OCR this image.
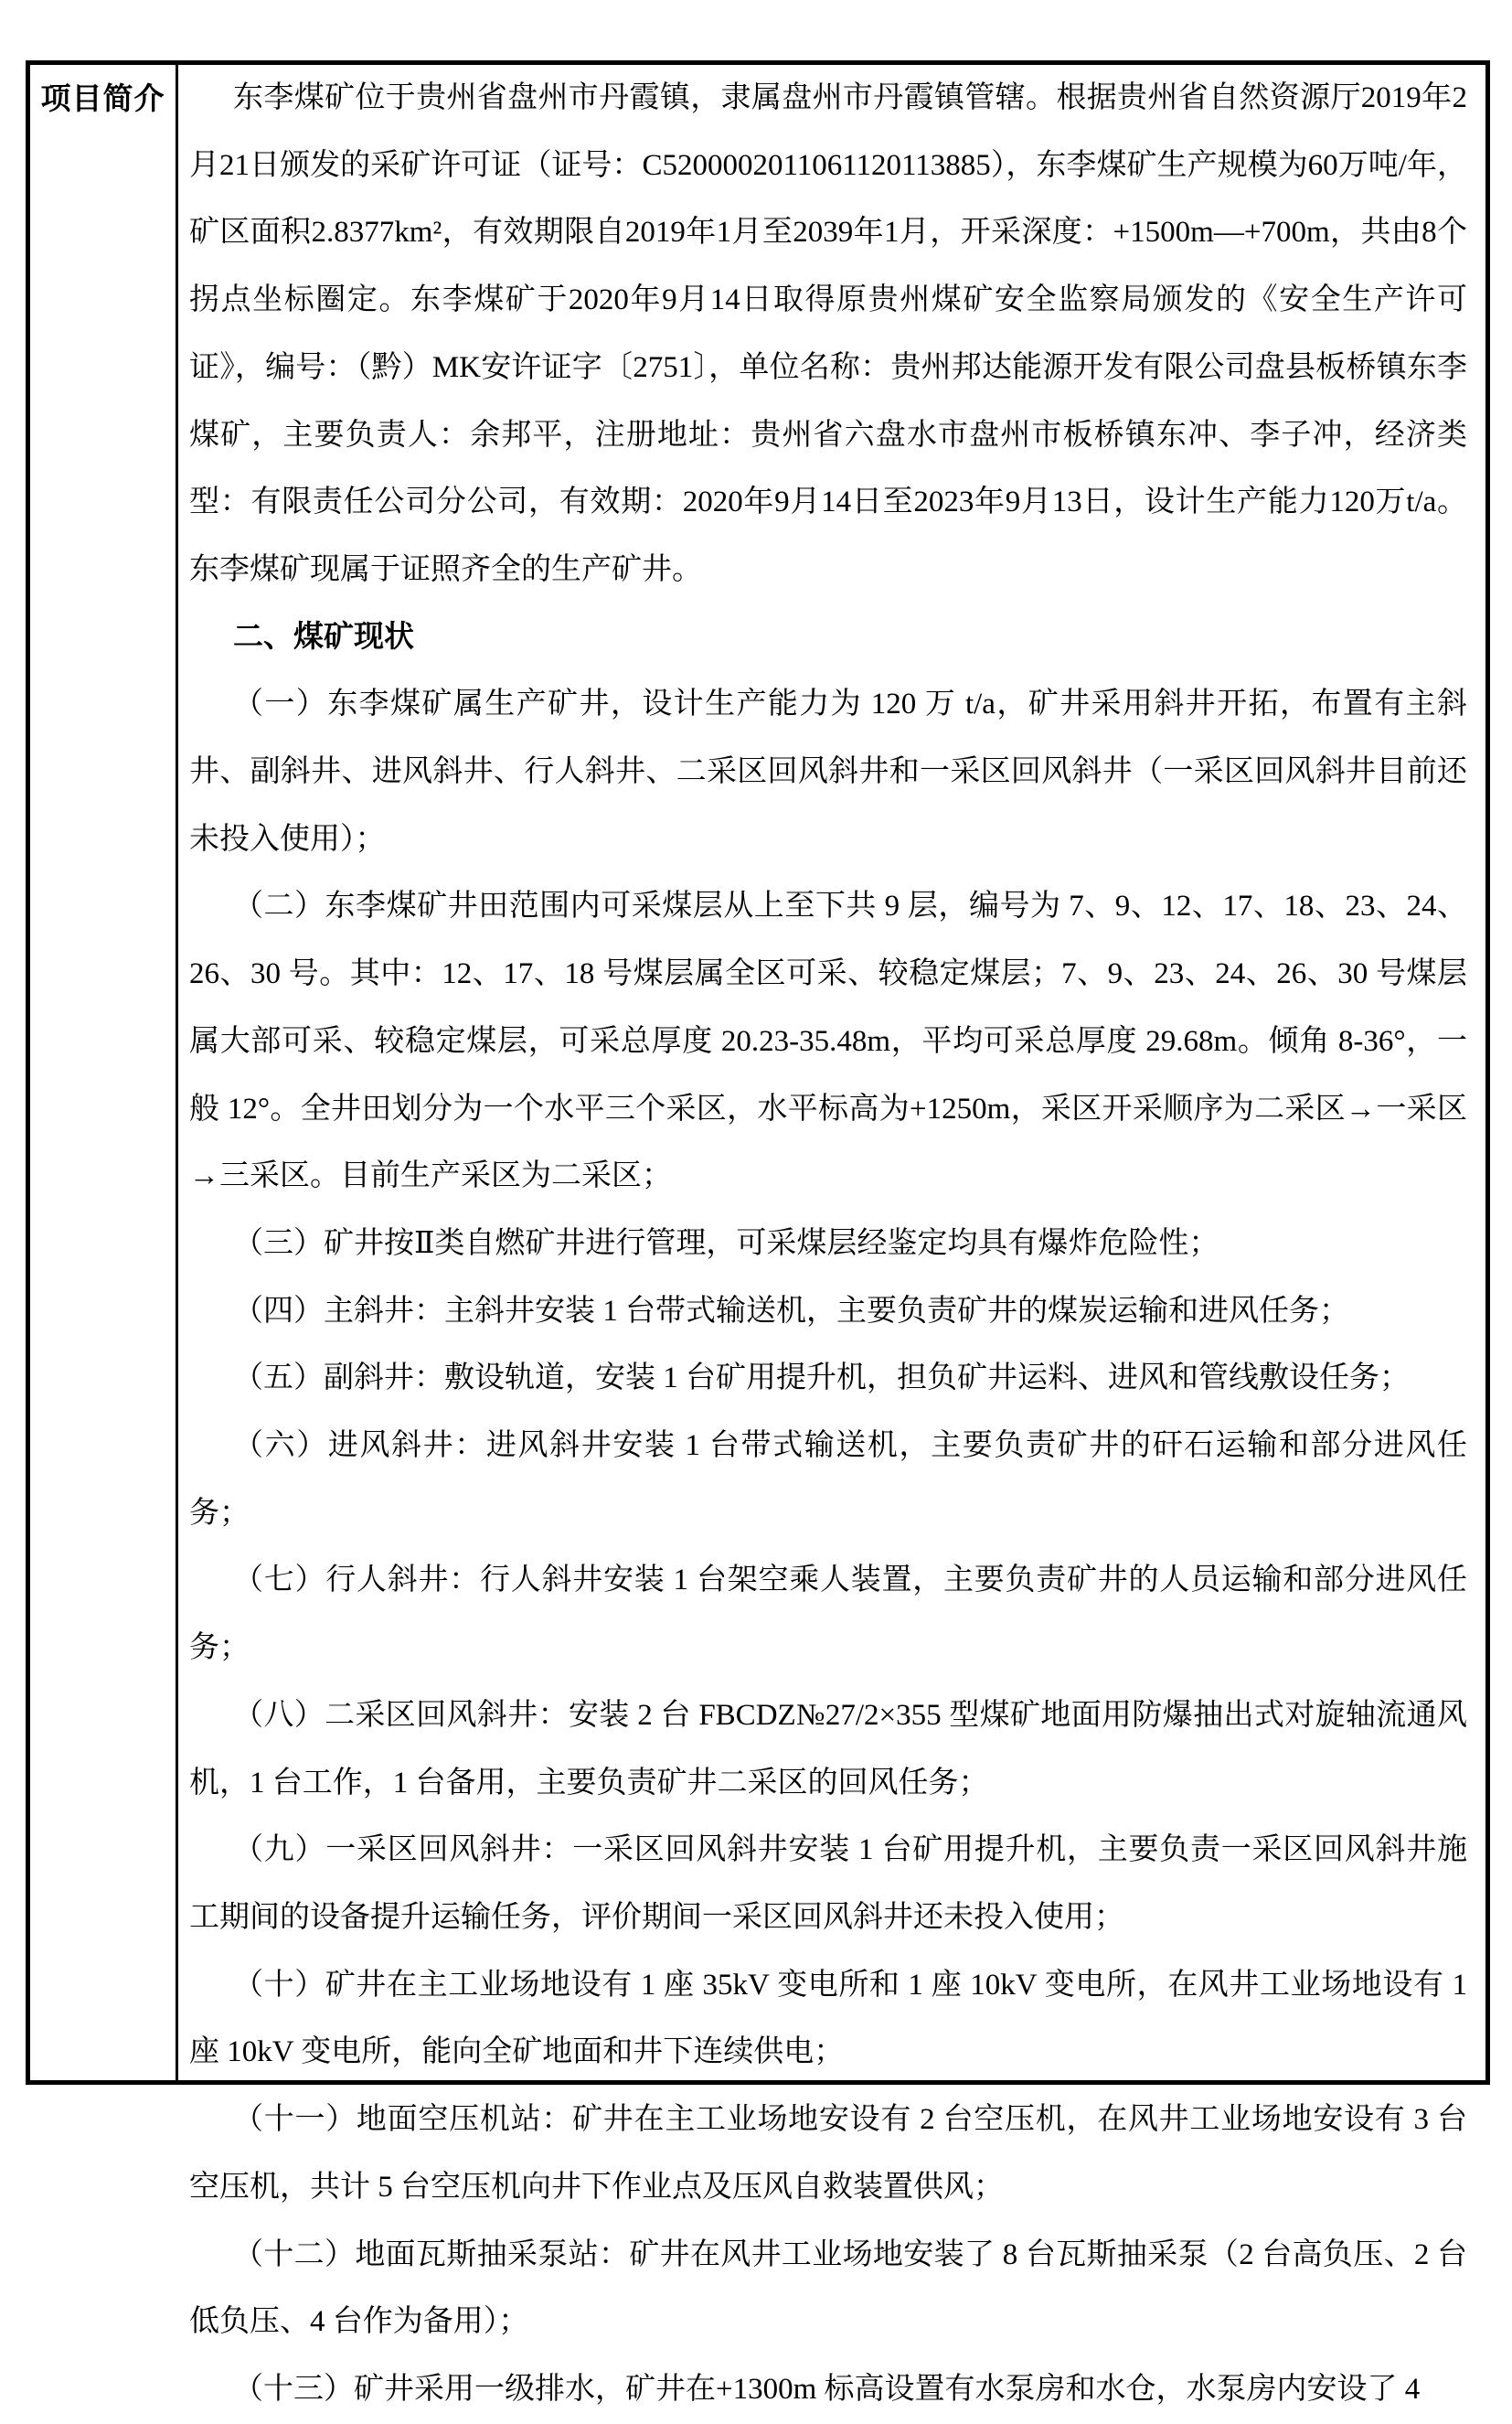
项目简介	东李煤矿位于贵州省盘州市丹霞镇，隶属盘州市丹霞镇管辖。根据贵州省自然资源厅2019年2月21日颁发的采矿许可证（证号：C5200002011061120113885），东李煤矿生产规模为60万吨/年，矿区面积2.8377km²，有效期限自2019年1月至2039年1月，开采深度：+1500m—+700m，共由8个拐点坐标圈定。东李煤矿于2020年9月14日取得原贵州煤矿安全监察局颁发的《安全生产许可证》，编号：（黔）MK安许证字〔2751〕，单位名称：贵州邦达能源开发有限公司盘县板桥镇东李煤矿，主要负责人：余邦平，注册地址：贵州省六盘水市盘州市板桥镇东冲、李子冲，经济类型：有限责任公司分公司，有效期：2020年9月14日至2023年9月13日，设计生产能力120万t/a。东李煤矿现属于证照齐全的生产矿井。

二、煤矿现状

（一）东李煤矿属生产矿井，设计生产能力为 120 万 t/a，矿井采用斜井开拓，布置有主斜井、副斜井、进风斜井、行人斜井、二采区回风斜井和一采区回风斜井（一采区回风斜井目前还未投入使用）；

（二）东李煤矿井田范围内可采煤层从上至下共 9 层，编号为 7、9、12、17、18、23、24、26、30 号。其中：12、17、18 号煤层属全区可采、较稳定煤层；7、9、23、24、26、30 号煤层属大部可采、较稳定煤层，可采总厚度 20.23-35.48m，平均可采总厚度 29.68m。倾角 8-36°，一般 12°。全井田划分为一个水平三个采区，水平标高为+1250m，采区开采顺序为二采区→一采区→三采区。目前生产采区为二采区；

（三）矿井按Ⅱ类自燃矿井进行管理，可采煤层经鉴定均具有爆炸危险性；

（四）主斜井：主斜井安装 1 台带式输送机，主要负责矿井的煤炭运输和进风任务；

（五）副斜井：敷设轨道，安装 1 台矿用提升机，担负矿井运料、进风和管线敷设任务；

（六）进风斜井：进风斜井安装 1 台带式输送机，主要负责矿井的矸石运输和部分进风任务；

（七）行人斜井：行人斜井安装 1 台架空乘人装置，主要负责矿井的人员运输和部分进风任务；

（八）二采区回风斜井：安装 2 台 FBCDZ№27/2×355 型煤矿地面用防爆抽出式对旋轴流通风机，1 台工作，1 台备用，主要负责矿井二采区的回风任务；

（九）一采区回风斜井：一采区回风斜井安装 1 台矿用提升机，主要负责一采区回风斜井施工期间的设备提升运输任务，评价期间一采区回风斜井还未投入使用；

（十）矿井在主工业场地设有 1 座 35kV 变电所和 1 座 10kV 变电所，在风井工业场地设有 1 座 10kV 变电所，能向全矿地面和井下连续供电；

（十一）地面空压机站：矿井在主工业场地安设有 2 台空压机，在风井工业场地安设有 3 台空压机，共计 5 台空压机向井下作业点及压风自救装置供风；

（十二）地面瓦斯抽采泵站：矿井在风井工业场地安装了 8 台瓦斯抽采泵（2 台高负压、2 台低负压、4 台作为备用）；

（十三）矿井采用一级排水，矿井在+1300m 标高设置有水泵房和水仓，水泵房内安设了 4
